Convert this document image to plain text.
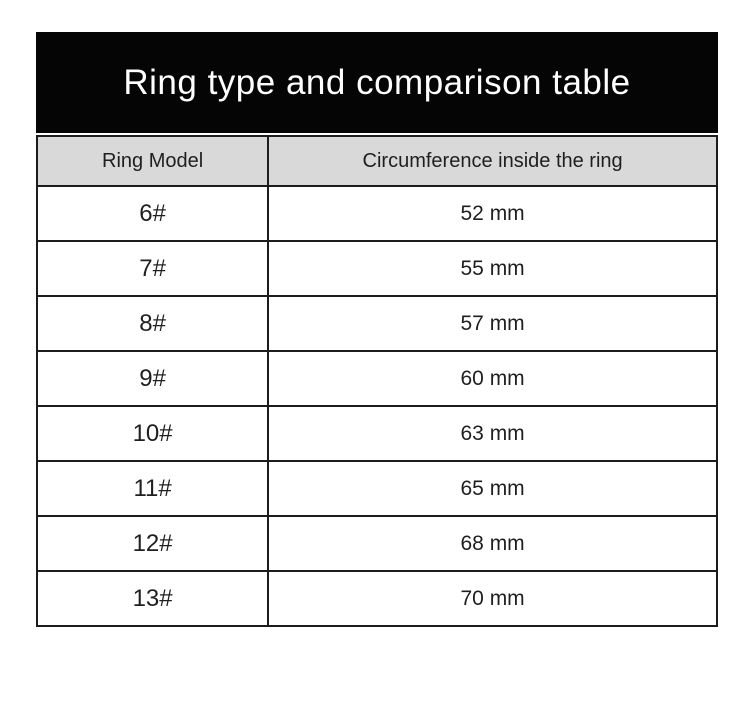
Ring type and comparison table
Ring Model	Circumference inside the ring
6#	52 mm
7#	55 mm
8#	57 mm
9#	60 mm
10#	63 mm
11#	65 mm
12#	68 mm
13#	70 mm
